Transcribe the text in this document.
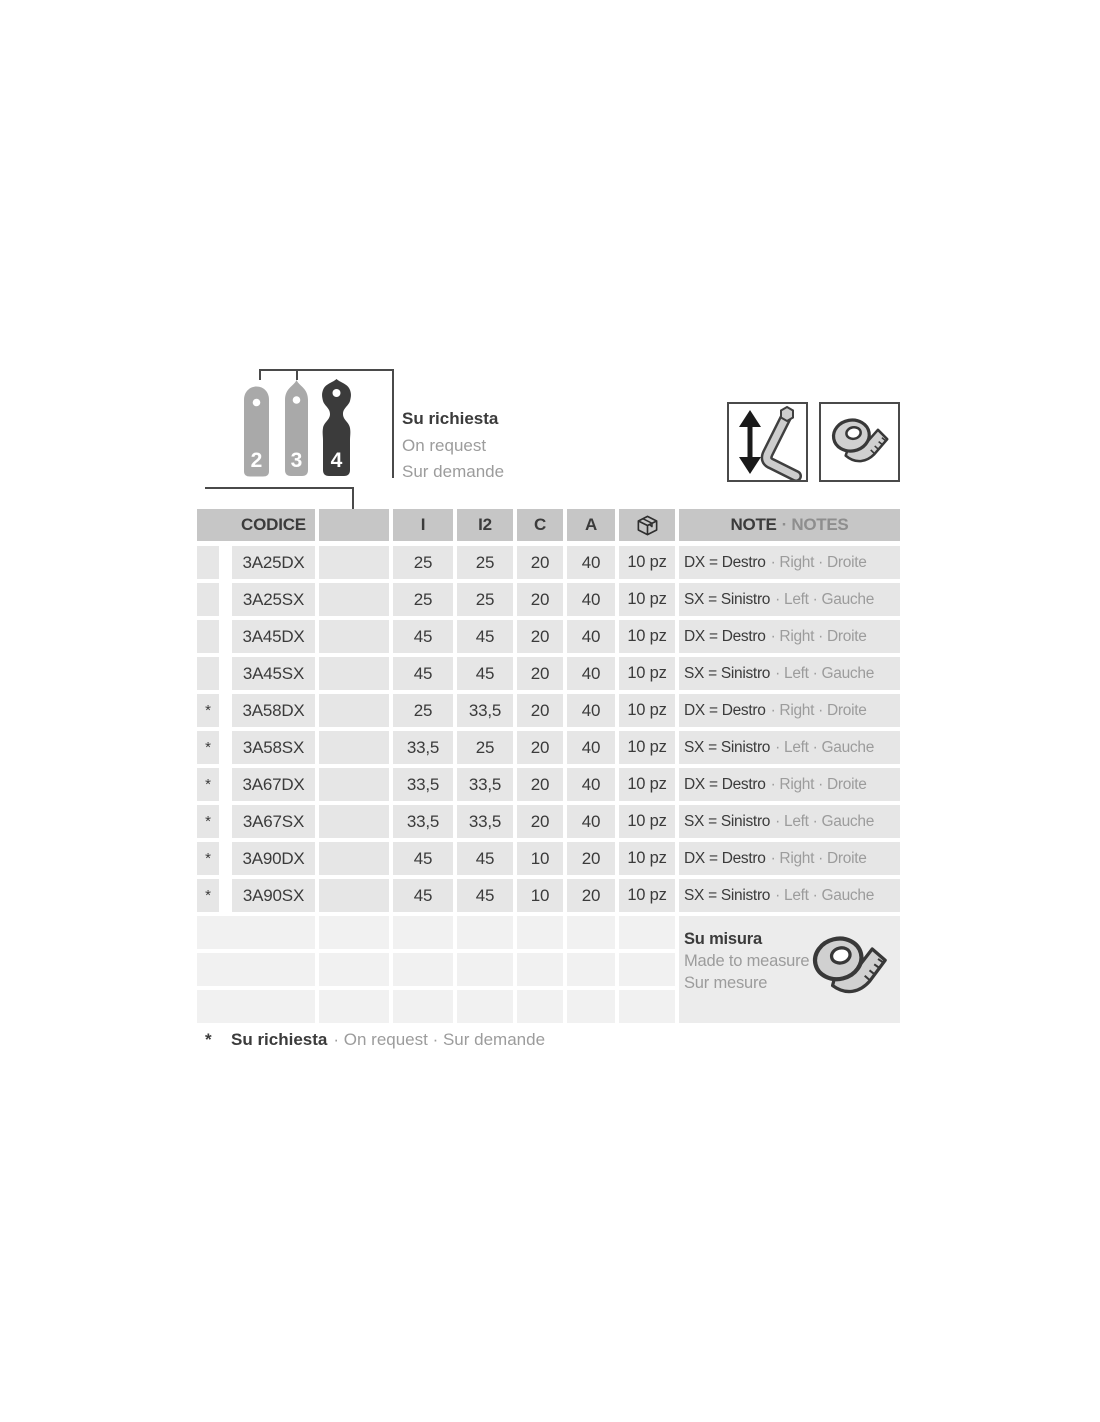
2	3	4
Su richiesta
On request
Sur demande
CODICE	I	I2	C	A	NOTE · NOTES
3A25DX	25	25	20	40	10 pz	DX = Destro · Right · Droite
3A25SX	25	25	20	40	10 pz	SX = Sinistro · Left · Gauche
3A45DX	45	45	20	40	10 pz	DX = Destro · Right · Droite
3A45SX	45	45	20	40	10 pz	SX = Sinistro · Left · Gauche
*	3A58DX	25	33,5	20	40	10 pz	DX = Destro · Right · Droite
*	3A58SX	33,5	25	20	40	10 pz	SX = Sinistro · Left · Gauche
*	3A67DX	33,5	33,5	20	40	10 pz	DX = Destro · Right · Droite
*	3A67SX	33,5	33,5	20	40	10 pz	SX = Sinistro · Left · Gauche
*	3A90DX	45	45	10	20	10 pz	DX = Destro · Right · Droite
*	3A90SX	45	45	10	20	10 pz	SX = Sinistro · Left · Gauche
Su misura
Made to measure
Sur mesure
*	Su richiesta · On request · Sur demande
